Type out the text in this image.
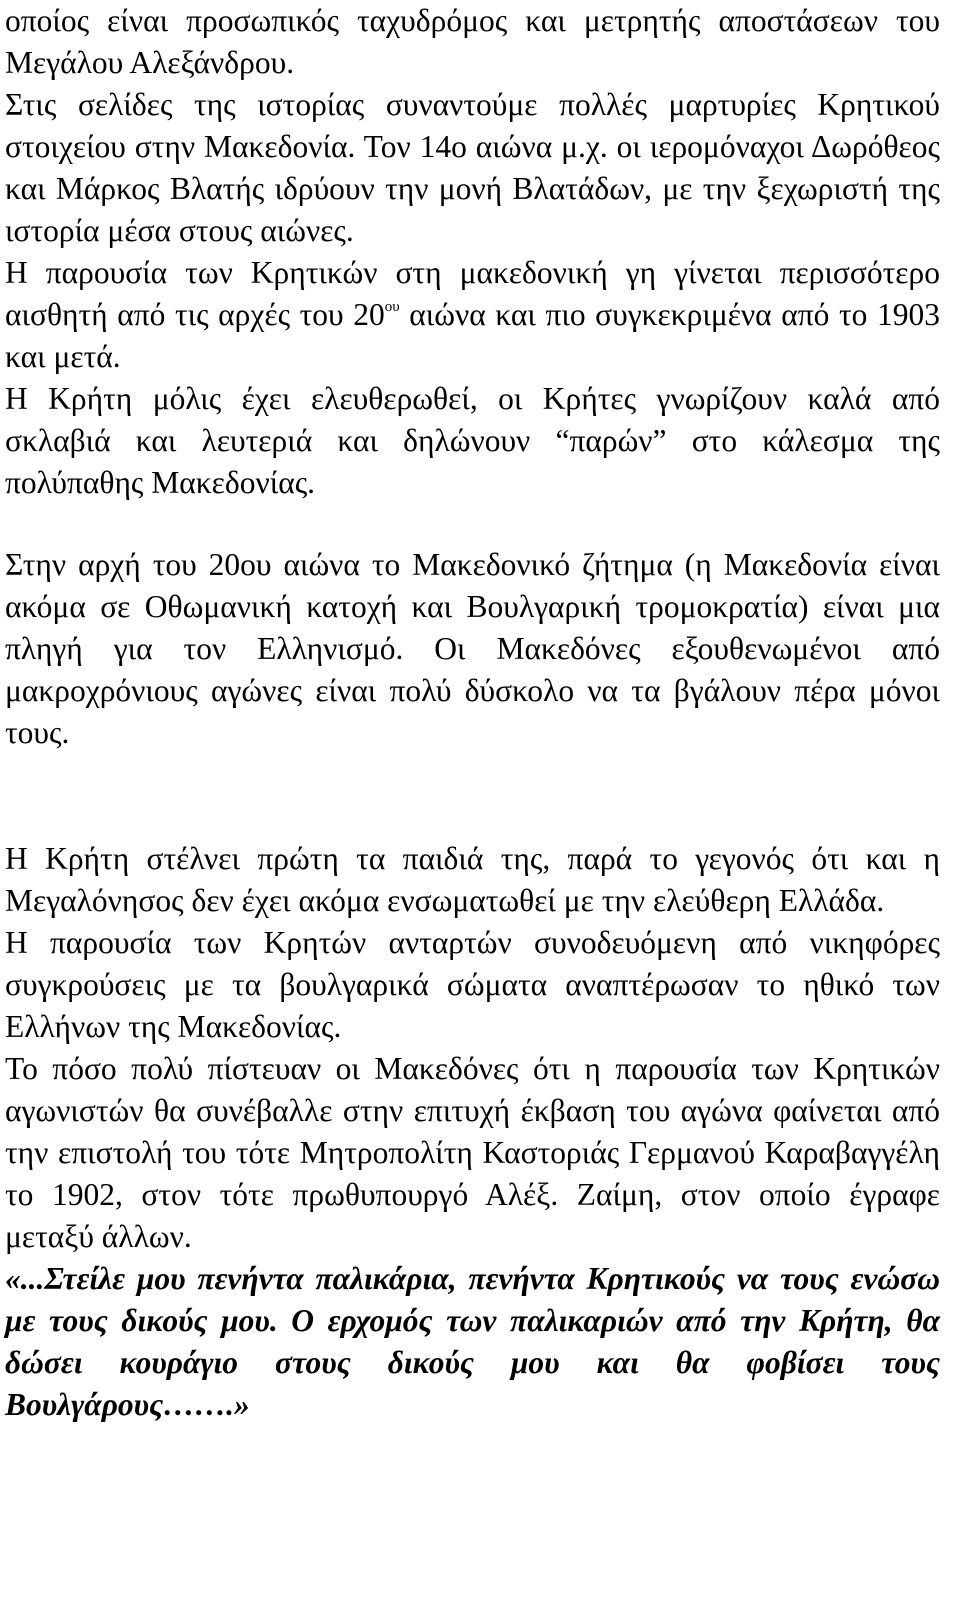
οποίος είναι προσωπικός ταχυδρόμος και μετρητής αποστάσεων του Μεγάλου Αλεξάνδρου.

Στις σελίδες της ιστορίας συναντούμε πολλές μαρτυρίες Κρητικού στοιχείου στην Μακεδονία. Τον 14ο αιώνα μ.χ. οι ιερομόναχοι Δωρόθεος και Μάρκος Βλατής ιδρύουν την μονή Βλατάδων, με την ξεχωριστή της ιστορία μέσα στους αιώνες.

Η παρουσία των Κρητικών στη μακεδονική γη γίνεται περισσότερο αισθητή από τις αρχές του $20^{o\upsilon}$ αιώνα και πιο συγκεκριμένα από το 1903 και μετά.

Η Κρήτη μόλις έχει ελευθερωθεί, οι Κρήτες γνωρίζουν καλά από σκλαβιά και λευτεριά και δηλώνουν “παρών” στο κάλεσμα της πολύπαθης Μακεδονίας.

Στην αρχή του 20ου αιώνα το Μακεδονικό ζήτημα (η Μακεδονία είναι ακόμα σε Οθωμανική κατοχή και Βουλγαρική τρομοκρατία) είναι μια πληγή για τον Ελληνισμό. Οι Μακεδόνες εξουθενωμένοι από μακροχρόνιους αγώνες είναι πολύ δύσκολο να τα βγάλουν πέρα μόνοι τους.

Η Κρήτη στέλνει πρώτη τα παιδιά της, παρά το γεγονός ότι και η Μεγαλόνησος δεν έχει ακόμα ενσωματωθεί με την ελεύθερη Ελλάδα.

Η παρουσία των Κρητών ανταρτών συνοδευόμενη από νικηφόρες συγκρούσεις με τα βουλγαρικά σώματα αναπτέρωσαν το ηθικό των Ελλήνων της Μακεδονίας.

Το πόσο πολύ πίστευαν οι Μακεδόνες ότι η παρουσία των Κρητικών αγωνιστών θα συνέβαλλε στην επιτυχή έκβαση του αγώνα φαίνεται από την επιστολή του τότε Μητροπολίτη Καστοριάς Γερμανού Καραβαγγέλη το 1902, στον τότε πρωθυπουργό Αλέξ. Ζαίμη, στον οποίο έγραφε μεταξύ άλλων.

«...Στείλε μου πενήντα παλικάρια, πενήντα Κρητικούς να τους ενώσω με τους δικούς μου. Ο ερχομός των παλικαριών από την Κρήτη, θα δώσει κουράγιο στους δικούς μου και θα φοβίσει τους Βουλγάρους…….»
